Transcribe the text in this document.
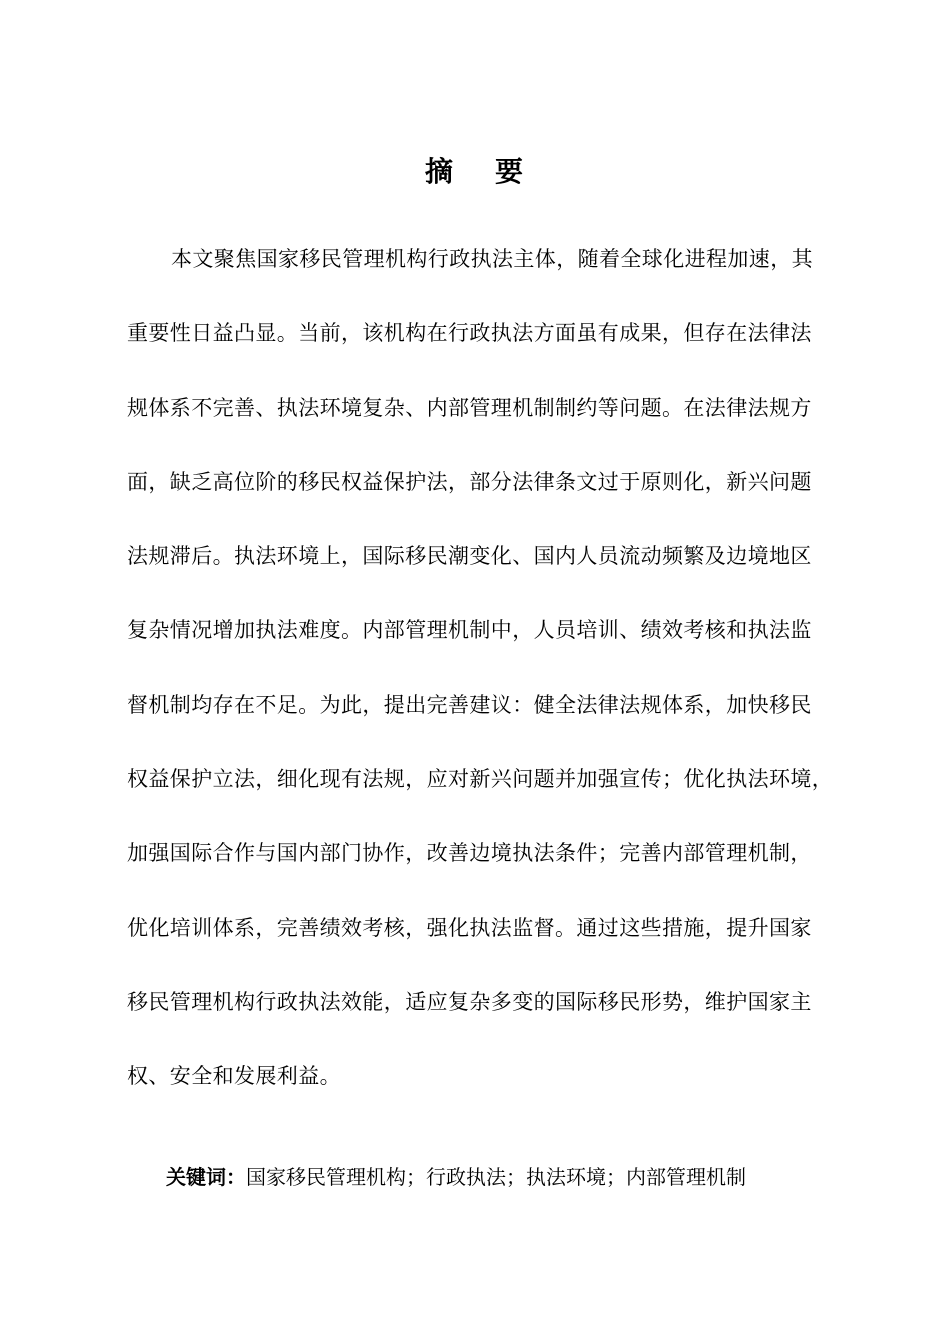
摘 要
本文聚焦国家移民管理机构行政执法主体，随着全球化进程加速，其
重要性日益凸显。当前，该机构在行政执法方面虽有成果，但存在法律法
规体系不完善、执法环境复杂、内部管理机制制约等问题。在法律法规方
面，缺乏高位阶的移民权益保护法，部分法律条文过于原则化，新兴问题
法规滞后。执法环境上，国际移民潮变化、国内人员流动频繁及边境地区
复杂情况增加执法难度。内部管理机制中，人员培训、绩效考核和执法监
督机制均存在不足。为此，提出完善建议：健全法律法规体系，加快移民
权益保护立法，细化现有法规，应对新兴问题并加强宣传；优化执法环境，
加强国际合作与国内部门协作，改善边境执法条件；完善内部管理机制，
优化培训体系，完善绩效考核，强化执法监督。通过这些措施，提升国家
移民管理机构行政执法效能，适应复杂多变的国际移民形势，维护国家主
权、安全和发展利益。
关键词：国家移民管理机构；行政执法；执法环境；内部管理机制
